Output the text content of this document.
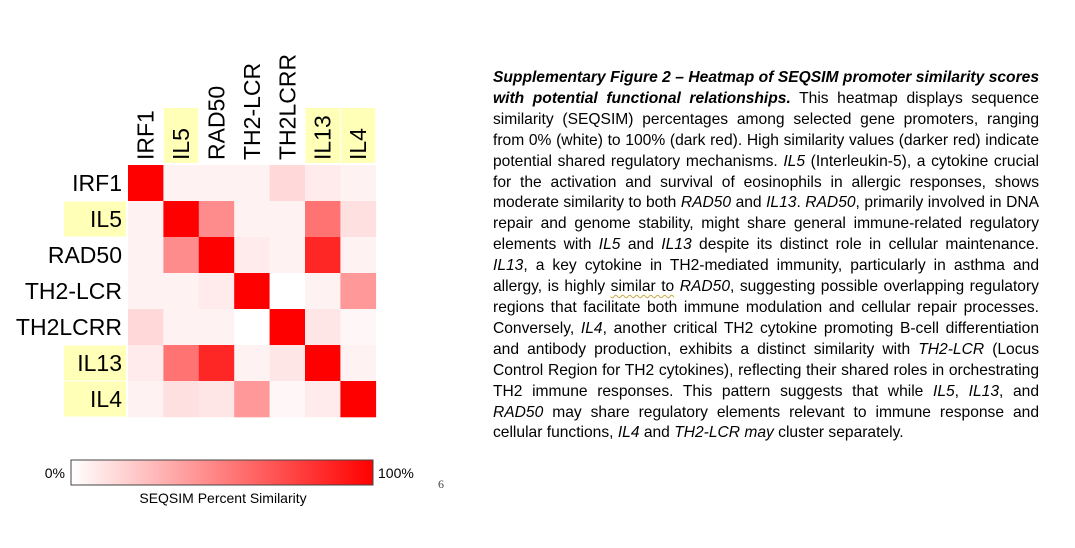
IRF1
IL5
RAD50
TH2-LCR
TH2LCRR
IL13
IL4
IRF1 IL5 RAD50 TH2-LCR TH2LCRR IL13 IL4
0%	100%
SEQSIM Percent Similarity
6
Supplementary Figure 2 – Heatmap of SEQSIM promoter similarity scores with potential functional relationships. This heatmap displays sequence similarity (SEQSIM) percentages among selected gene promoters, ranging from 0% (white) to 100% (dark red). High similarity values (darker red) indicate potential shared regulatory mechanisms. IL5 (Interleukin-5), a cytokine crucial for the activation and survival of eosinophils in allergic responses, shows moderate similarity to both RAD50 and IL13. RAD50, primarily involved in DNA repair and genome stability, might share general immune-related regulatory elements with IL5 and IL13 despite its distinct role in cellular maintenance. IL13, a key cytokine in TH2-mediated immunity, particularly in asthma and allergy, is highly similar to RAD50, suggesting possible overlapping regulatory regions that facilitate both immune modulation and cellular repair processes. Conversely, IL4, another critical TH2 cytokine promoting B-cell differentiation and antibody production, exhibits a distinct similarity with TH2-LCR (Locus Control Region for TH2 cytokines), reflecting their shared roles in orchestrating TH2 immune responses. This pattern suggests that while IL5, IL13, and RAD50 may share regulatory elements relevant to immune response and cellular functions, IL4 and TH2-LCR may cluster separately.
